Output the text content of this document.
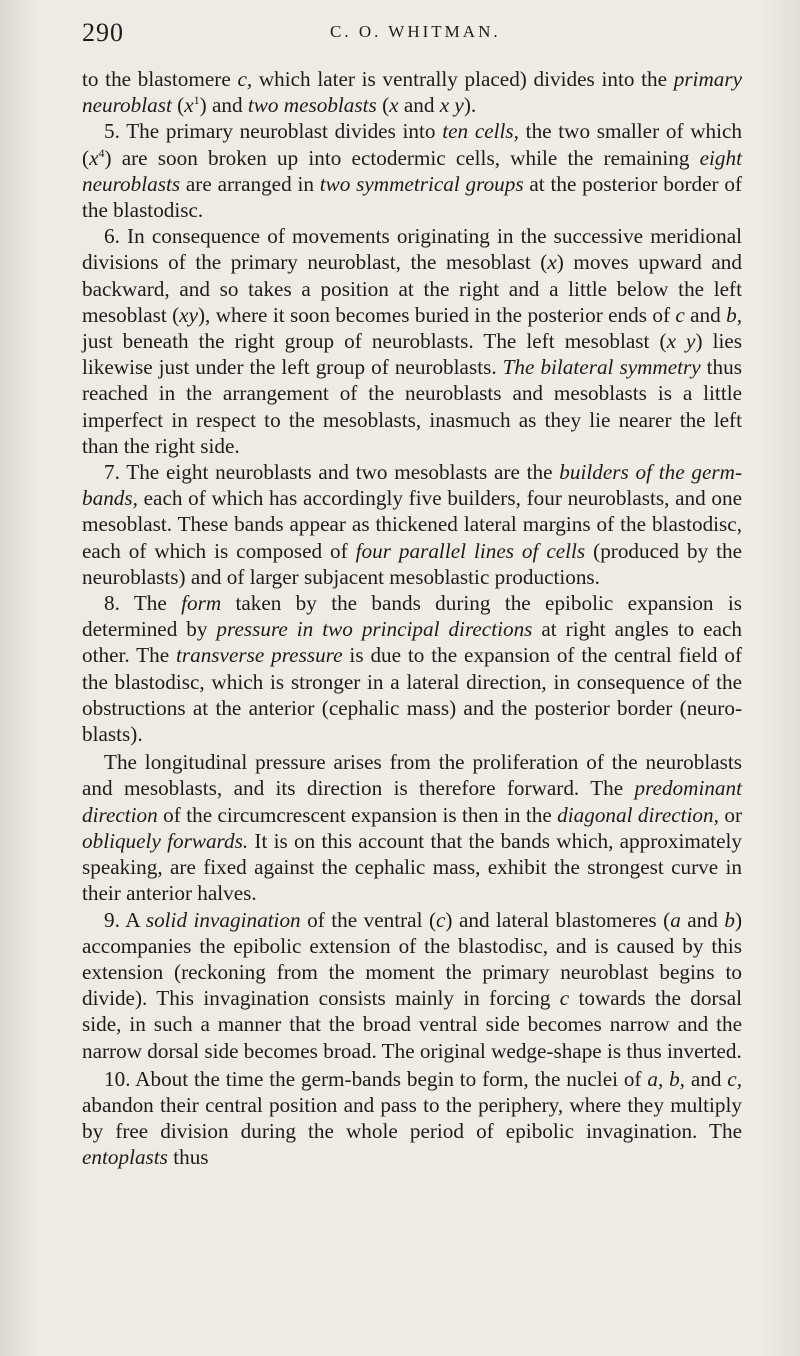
290	C. O. WHITMAN.

to the blastomere c, which later is ventrally placed) divides into the primary neuroblast $(x^1)$ and two mesoblasts (x and x y).

5. The primary neuroblast divides into ten cells, the two smaller of which $(x^4)$ are soon broken up into ectodermic cells, while the remaining eight neuroblasts are arranged in two symmetrical groups at the posterior border of the blastodisc.

6. In consequence of movements originating in the successive meridional divisions of the primary neuroblast, the mesoblast (x) moves upward and backward, and so takes a position at the right and a little below the left mesoblast (xy), where it soon becomes buried in the posterior ends of c and b, just beneath the right group of neuroblasts. The left mesoblast (x y) lies likewise just under the left group of neuroblasts. The bilateral symmetry thus reached in the arrangement of the neuroblasts and mesoblasts is a little imperfect in respect to the mesoblasts, inasmuch as they lie nearer the left than the right side.

7. The eight neuroblasts and two mesoblasts are the builders of the germ-bands, each of which has accordingly five builders, four neuroblasts, and one mesoblast. These bands appear as thickened lateral margins of the blastodisc, each of which is composed of four parallel lines of cells (produced by the neuroblasts) and of larger subjacent mesoblastic productions.

8. The form taken by the bands during the epibolic expansion is determined by pressure in two principal directions at right angles to each other. The transverse pressure is due to the expansion of the central field of the blastodisc, which is stronger in a lateral direction, in consequence of the obstructions at the anterior (cephalic mass) and the posterior border (neuro-blasts).

The longitudinal pressure arises from the proliferation of the neuroblasts and mesoblasts, and its direction is therefore forward. The predominant direction of the circumcrescent expansion is then in the diagonal direction, or obliquely forwards. It is on this account that the bands which, approximately speaking, are fixed against the cephalic mass, exhibit the strongest curve in their anterior halves.

9. A solid invagination of the ventral (c) and lateral blastomeres (a and b) accompanies the epibolic extension of the blastodisc, and is caused by this extension (reckoning from the moment the primary neuroblast begins to divide). This invagination consists mainly in forcing c towards the dorsal side, in such a manner that the broad ventral side becomes narrow and the narrow dorsal side becomes broad. The original wedge-shape is thus inverted.

10. About the time the germ-bands begin to form, the nuclei of a, b, and c, abandon their central position and pass to the periphery, where they multiply by free division during the whole period of epibolic invagination. The entoplasts thus
